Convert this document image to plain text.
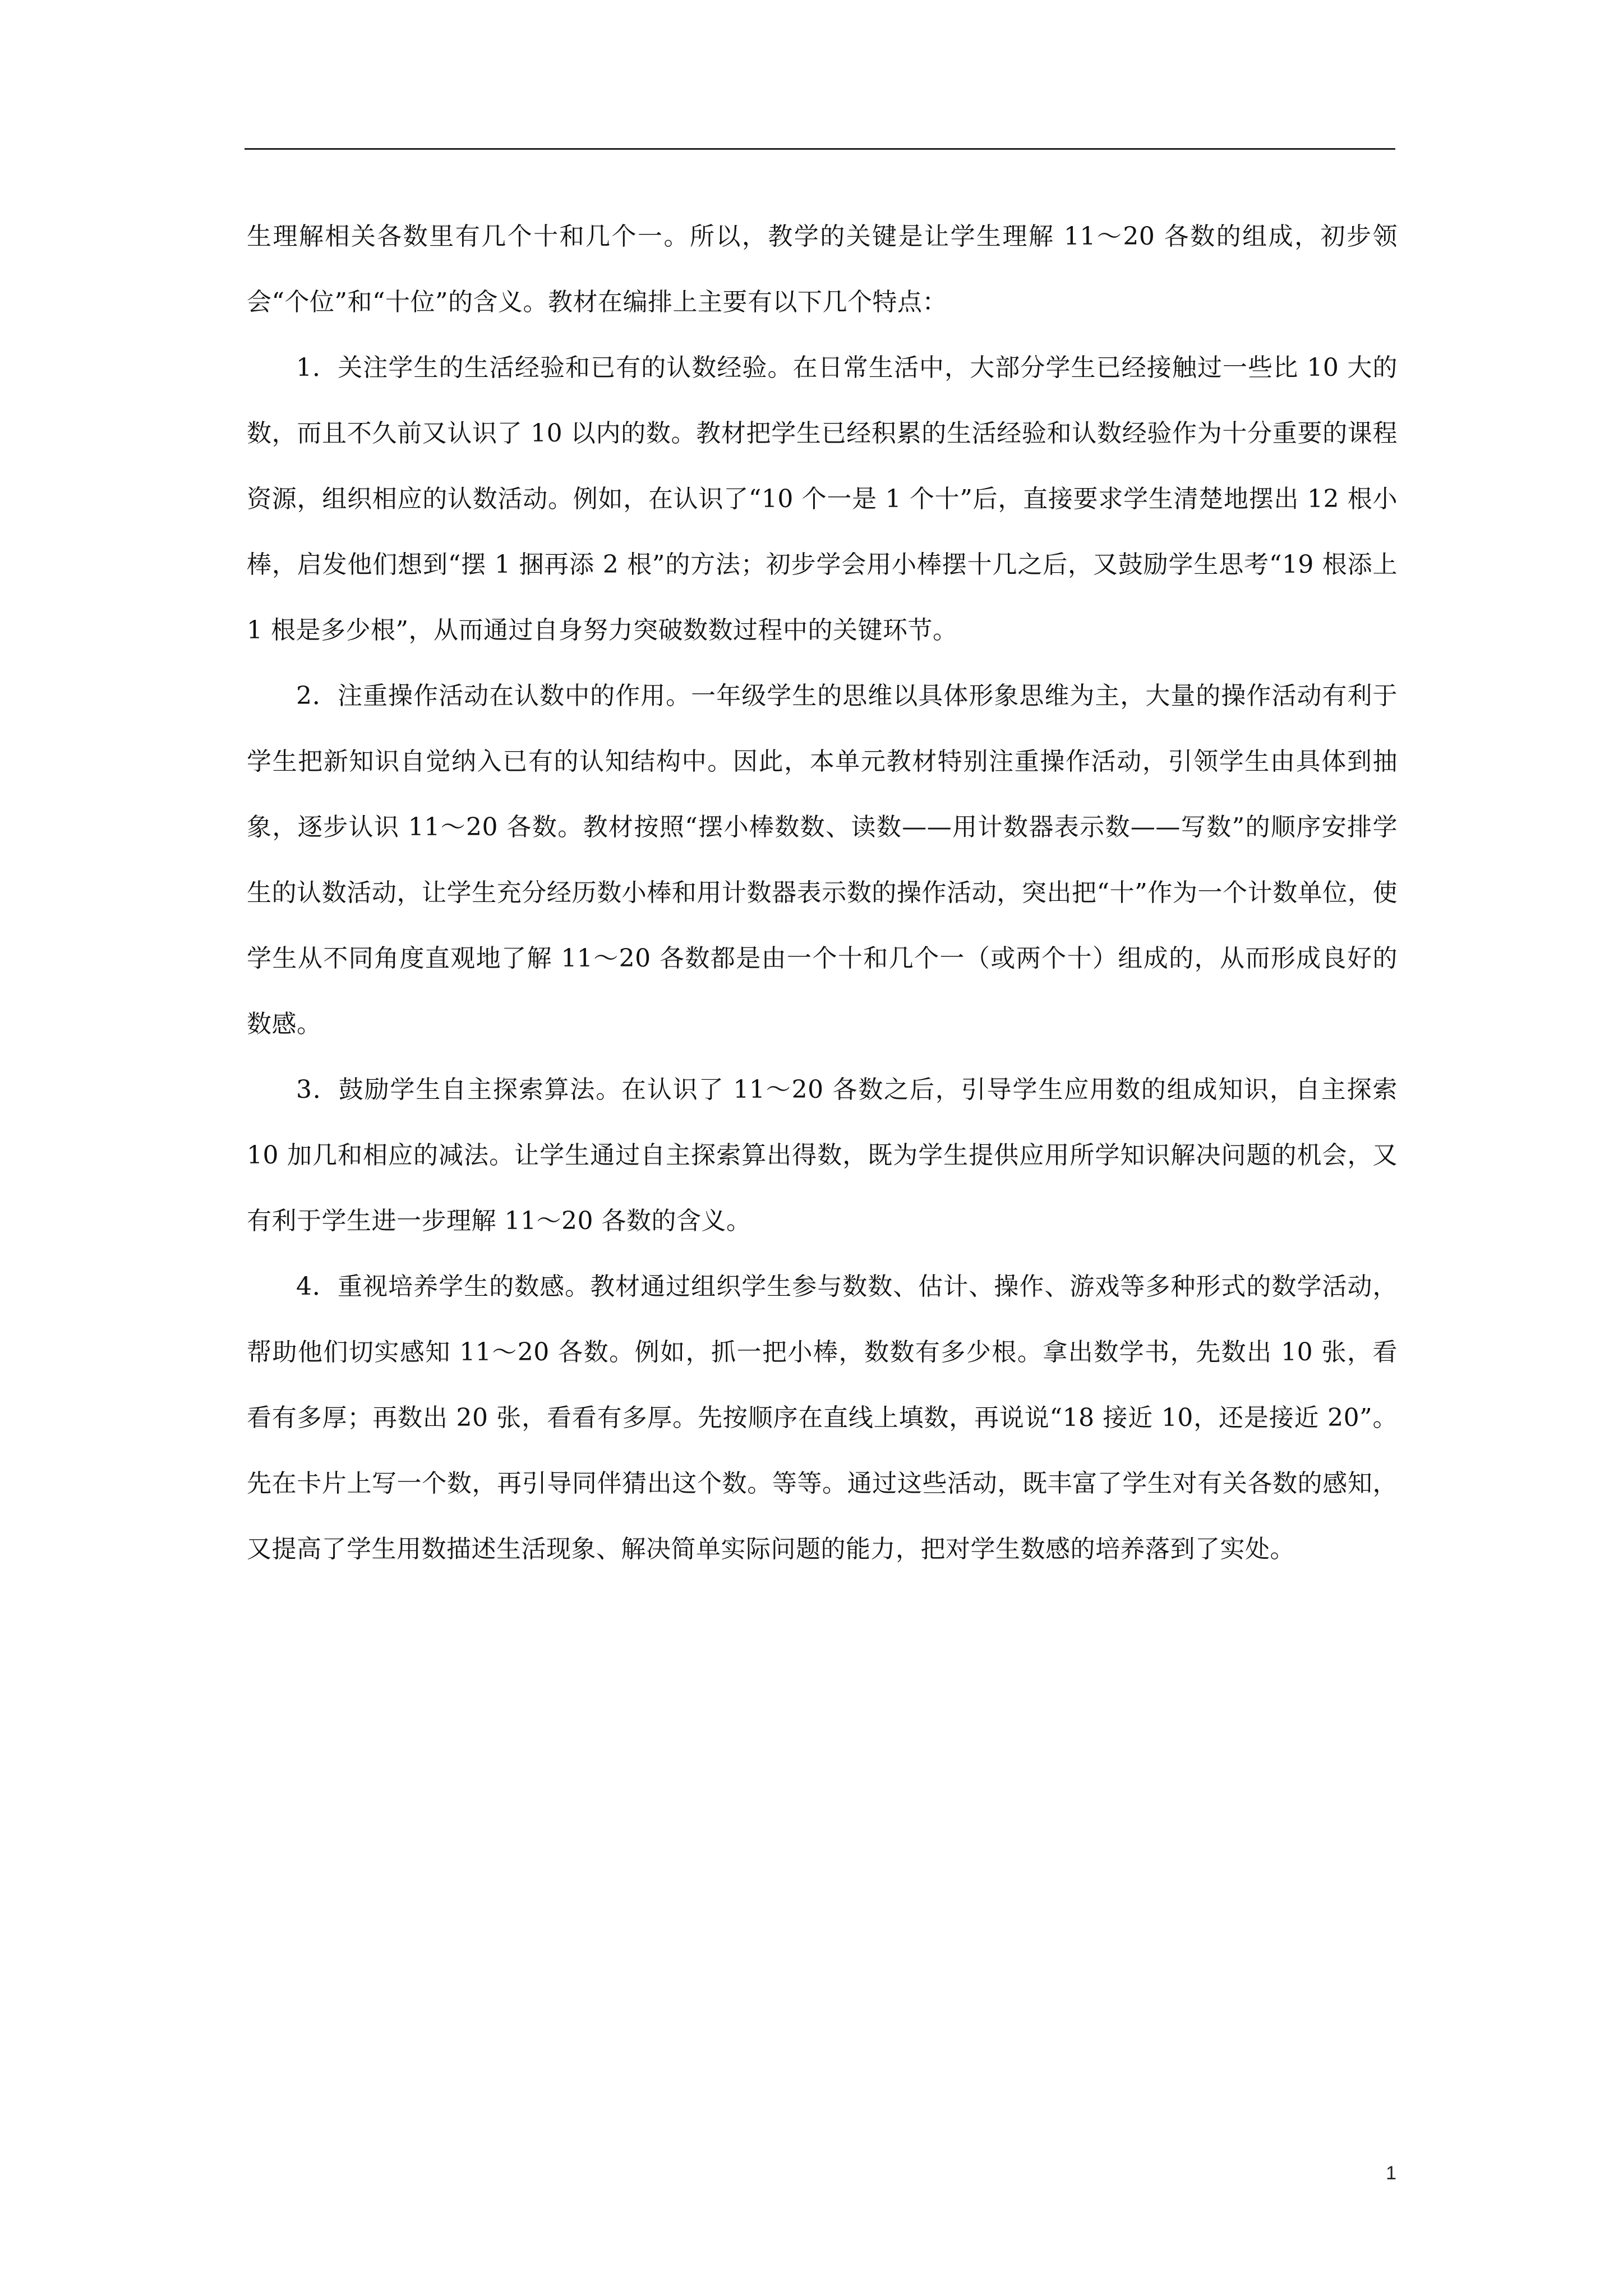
生理解相关各数里有几个十和几个一。所以，教学的关键是让学生理解 11～20 各数的组成，初步领会“个位”和“十位”的含义。教材在编排上主要有以下几个特点：

1．关注学生的生活经验和已有的认数经验。在日常生活中，大部分学生已经接触过一些比 10 大的数，而且不久前又认识了 10 以内的数。教材把学生已经积累的生活经验和认数经验作为十分重要的课程资源，组织相应的认数活动。例如，在认识了“10 个一是 1 个十”后，直接要求学生清楚地摆出 12 根小棒，启发他们想到“摆 1 捆再添 2 根”的方法；初步学会用小棒摆十几之后，又鼓励学生思考“19 根添上 1 根是多少根”，从而通过自身努力突破数数过程中的关键环节。

2．注重操作活动在认数中的作用。一年级学生的思维以具体形象思维为主，大量的操作活动有利于学生把新知识自觉纳入已有的认知结构中。因此，本单元教材特别注重操作活动，引领学生由具体到抽象，逐步认识 11～20 各数。教材按照“摆小棒数数、读数——用计数器表示数——写数”的顺序安排学生的认数活动，让学生充分经历数小棒和用计数器表示数的操作活动，突出把“十”作为一个计数单位，使学生从不同角度直观地了解 11～20 各数都是由一个十和几个一（或两个十）组成的，从而形成良好的数感。

3．鼓励学生自主探索算法。在认识了 11～20 各数之后，引导学生应用数的组成知识，自主探索 10 加几和相应的减法。让学生通过自主探索算出得数，既为学生提供应用所学知识解决问题的机会，又有利于学生进一步理解 11～20 各数的含义。

4．重视培养学生的数感。教材通过组织学生参与数数、估计、操作、游戏等多种形式的数学活动，帮助他们切实感知 11～20 各数。例如，抓一把小棒，数数有多少根。拿出数学书，先数出 10 张，看看有多厚；再数出 20 张，看看有多厚。先按顺序在直线上填数，再说说“18 接近 10，还是接近 20”。先在卡片上写一个数，再引导同伴猜出这个数。等等。通过这些活动，既丰富了学生对有关各数的感知，又提高了学生用数描述生活现象、解决简单实际问题的能力，把对学生数感的培养落到了实处。

1
